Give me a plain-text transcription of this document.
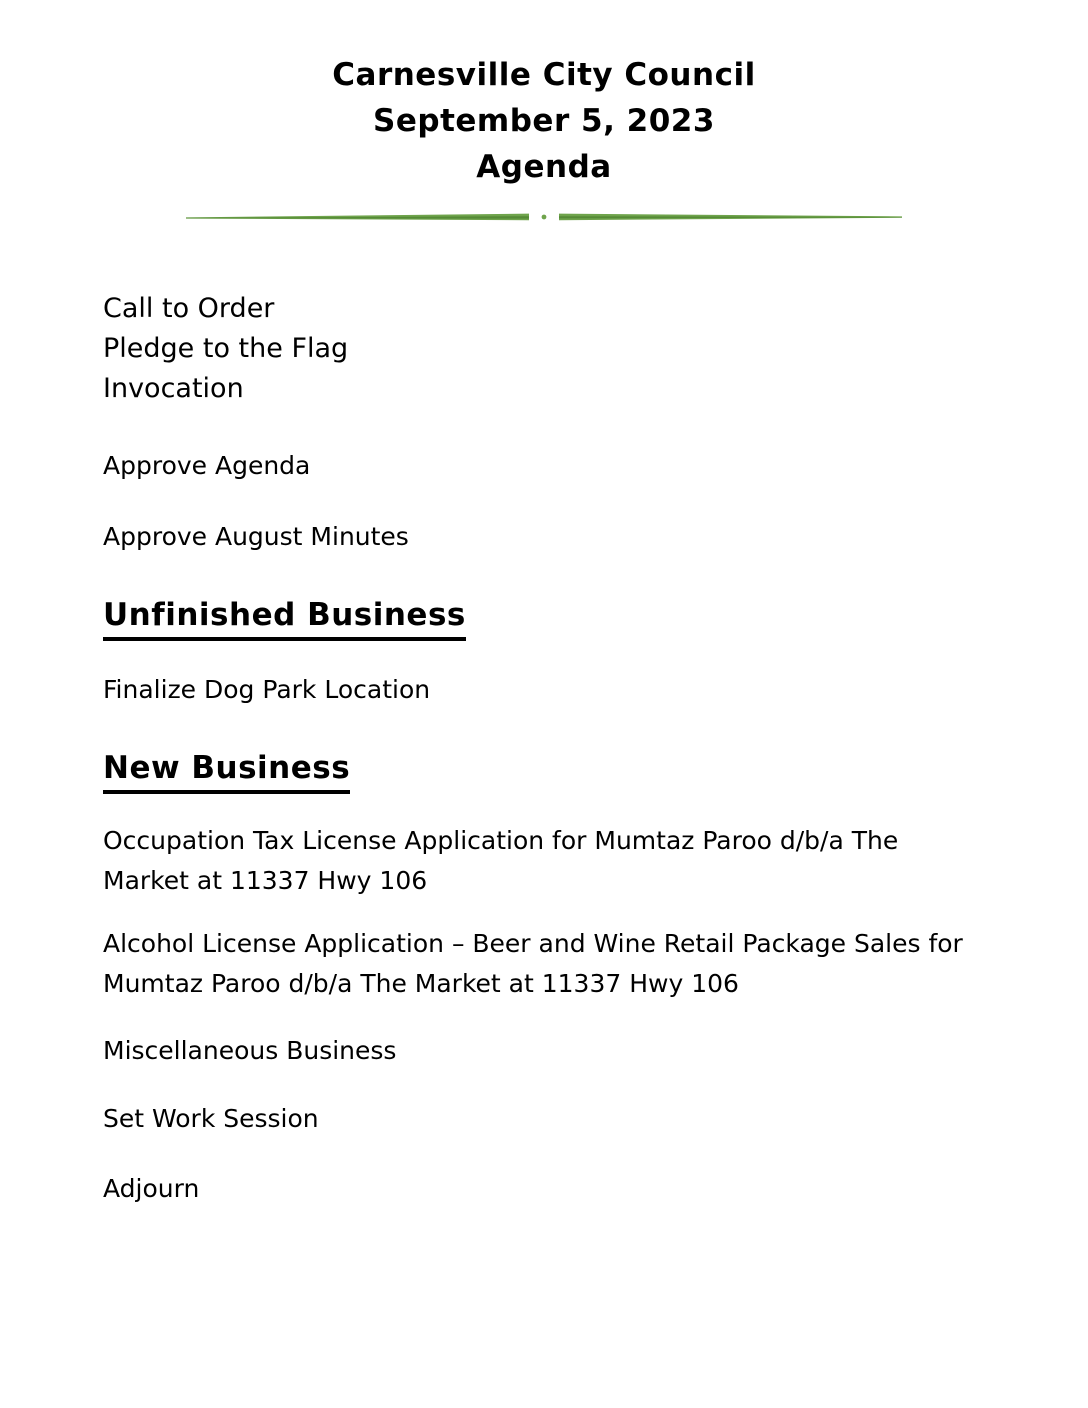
Carnesville City Council
September 5, 2023
Agenda
Call to Order
Pledge to the Flag
Invocation
Approve Agenda
Approve August Minutes
Unfinished Business
Finalize Dog Park Location
New Business
Occupation Tax License Application for Mumtaz Paroo d/b/a The Market at 11337 Hwy 106
Alcohol License Application – Beer and Wine Retail Package Sales for Mumtaz Paroo d/b/a The Market at 11337 Hwy 106
Miscellaneous Business
Set Work Session
Adjourn
